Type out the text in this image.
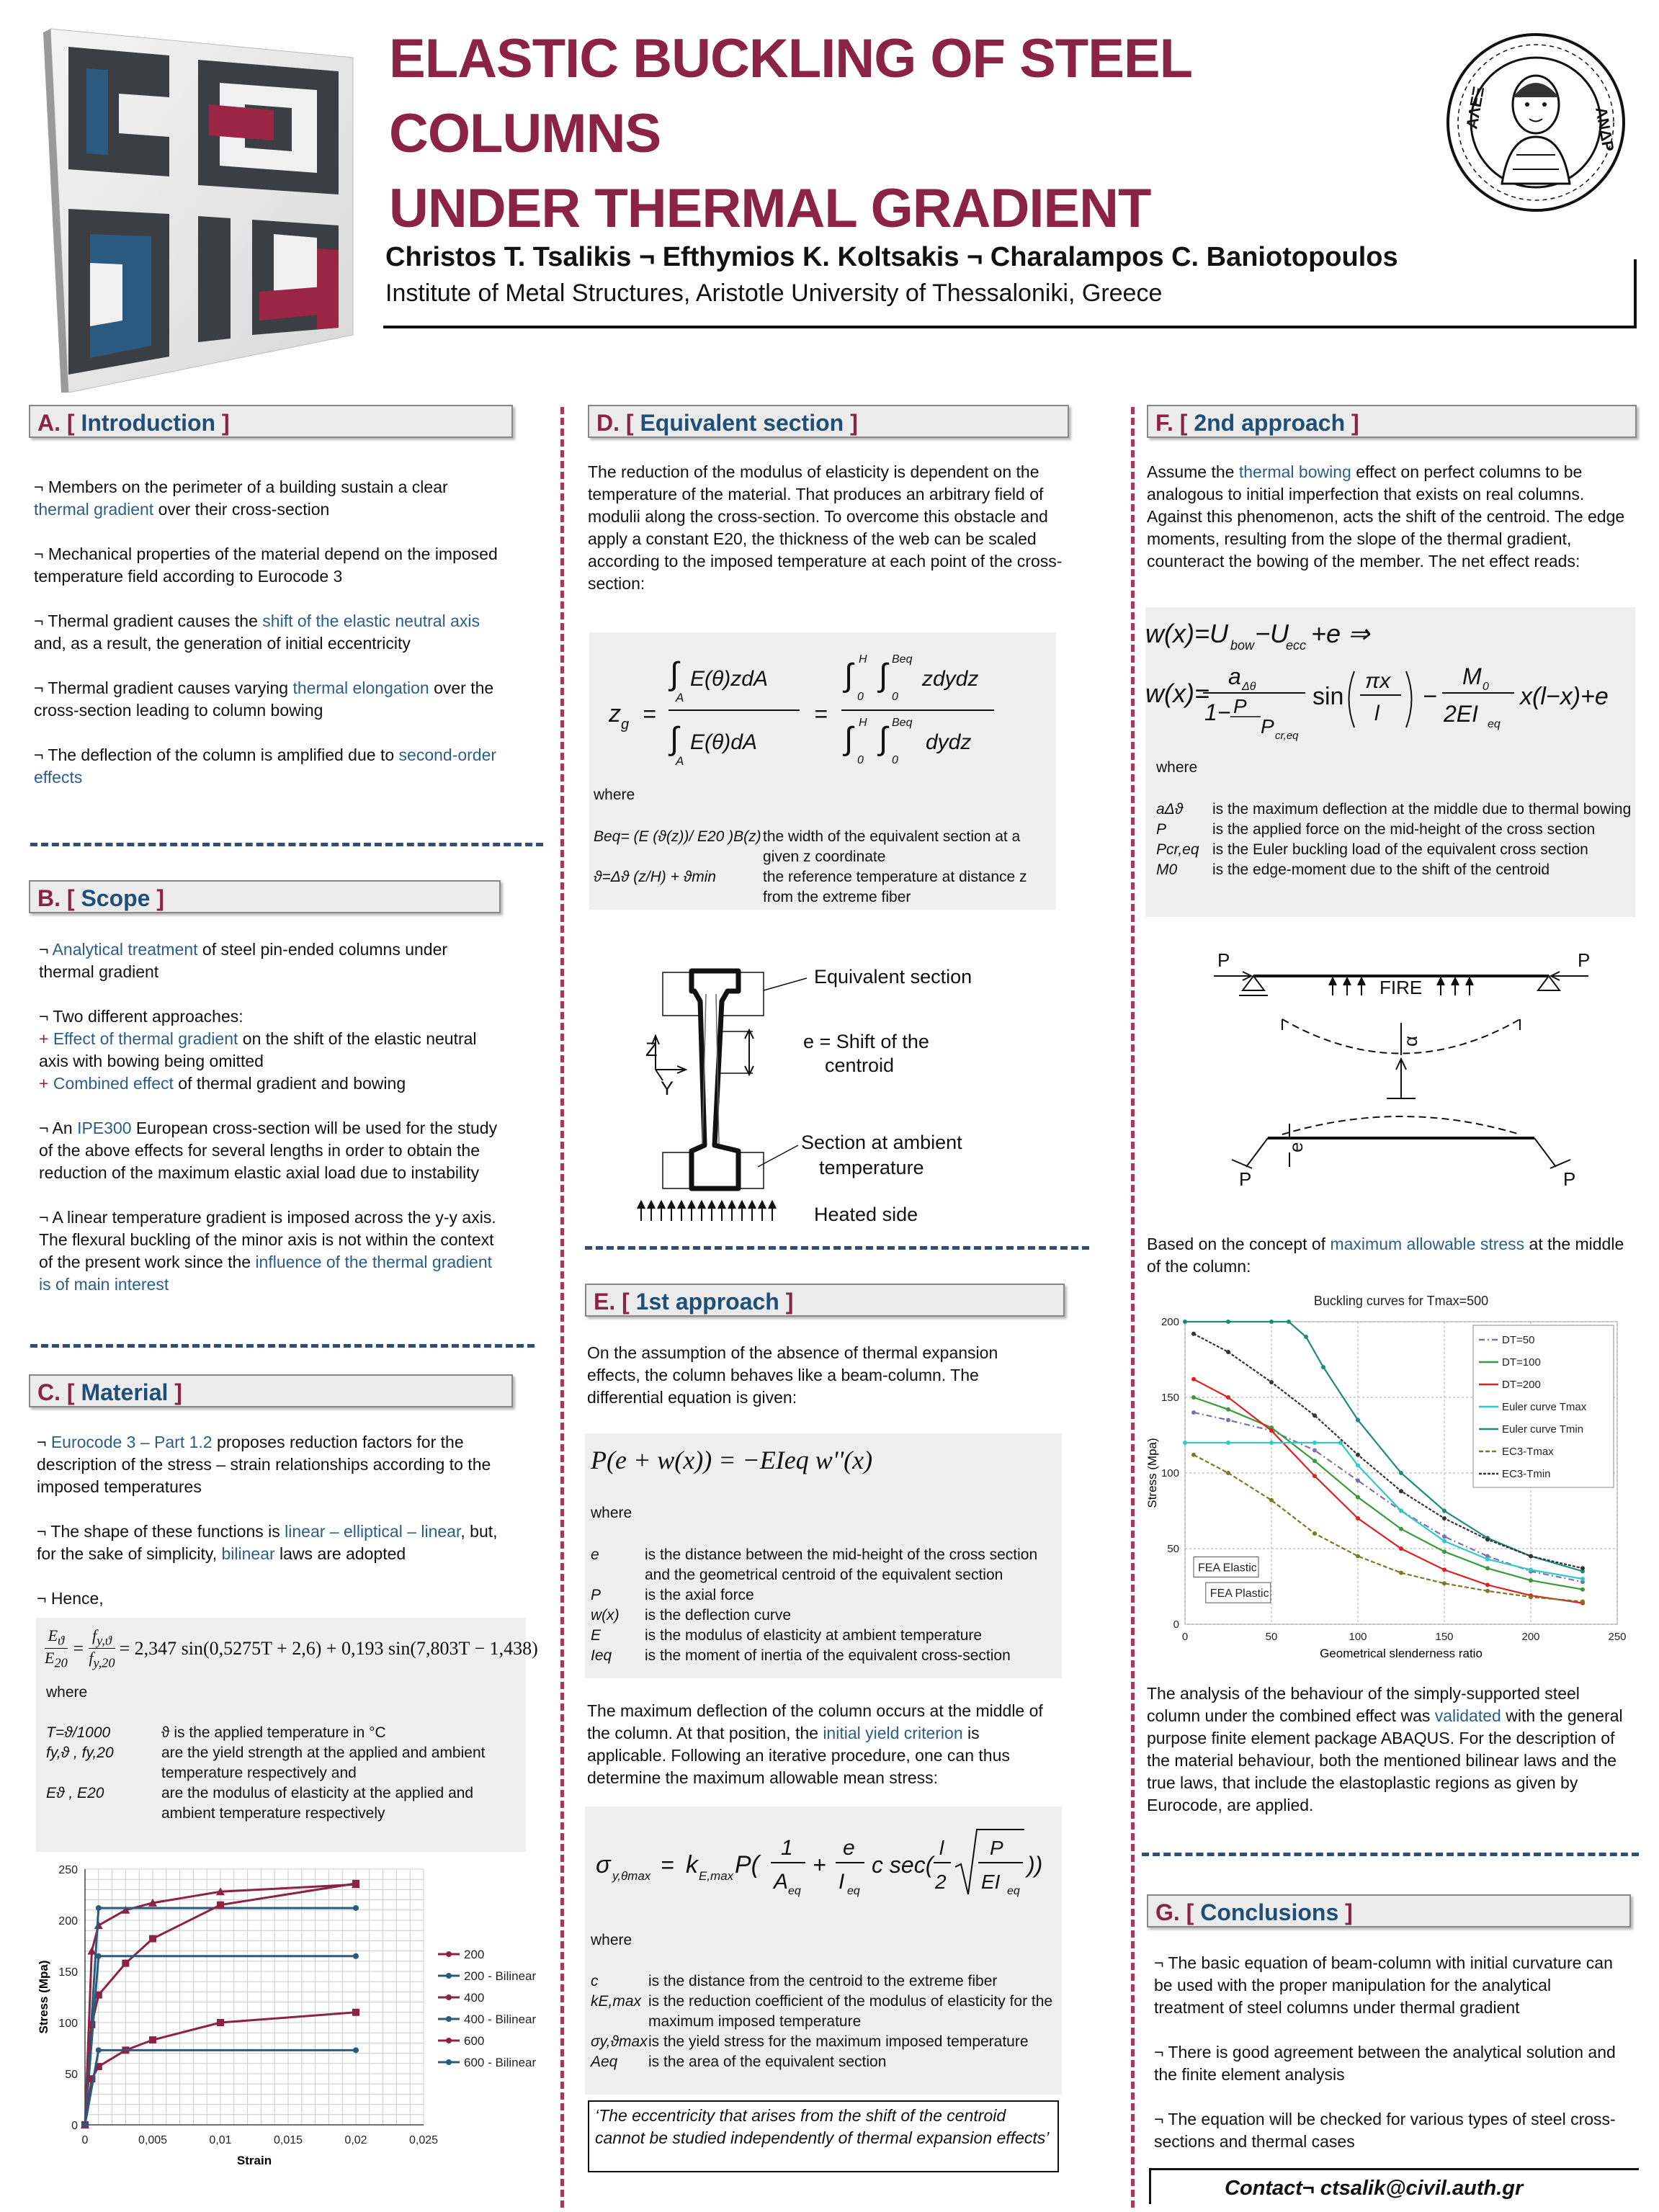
ELASTIC BUCKLING OF STEEL COLUMNS
UNDER THERMAL GRADIENT
ΑΛΕΞ	ΑΝΔΡ
Christos T. Tsalikis ¬ Efthymios K. Koltsakis ¬ Charalampos C. Baniotopoulos
Institute of Metal Structures, Aristotle University of Thessaloniki, Greece
A. [ Introduction ]

¬ Members on the perimeter of a building sustain a clear thermal gradient over their cross-section

¬ Mechanical properties of the material depend on the imposed temperature field according to Eurocode 3

¬ Thermal gradient causes the shift of the elastic neutral axis and, as a result, the generation of initial eccentricity

¬ Thermal gradient causes varying thermal elongation over the cross-section leading to column bowing

¬ The deflection of the column is amplified due to second-order effects

B. [ Scope ]

¬ Analytical treatment of steel pin-ended columns under thermal gradient

¬ Two different approaches:
+ Effect of thermal gradient on the shift of the elastic neutral axis with bowing being omitted

+ Combined effect of thermal gradient and bowing

¬ An IPE300 European cross-section will be used for the study of the above effects for several lengths in order to obtain the reduction of the maximum elastic axial load due to instability

¬ A linear temperature gradient is imposed across the y-y axis. The flexural buckling of the minor axis is not within the context of the present work since the influence of the thermal gradient is of main interest

C. [ Material ]

¬ Eurocode 3 – Part 1.2 proposes reduction factors for the description of the stress – strain relationships according to the imposed temperatures

¬ The shape of these functions is linear – elliptical – linear, but, for the sake of simplicity, bilinear laws are adopted

¬ Hence,
$\frac{E_ϑ}{E_{20}} = \frac{f_{y,ϑ}}{f_{y,20}} = 2,347$ sin(0,5275T + 2,6) + 0,193 sin(7,803T − 1,438)
where
T=ϑ/1000	ϑ is the applied temperature in °C
fy,ϑ , fy,20	are the yield strength at the applied and ambient temperature respectively and
Eϑ , E20	are the modulus of elasticity at the applied and ambient temperature respectively
0
50
100
150
200
250
0	0,005	0,01	0,015	0,02	0,025
Strain
Stress (Mpa)
200
200 - Bilinear
400
400 - Bilinear
600
600 - Bilinear
D. [ Equivalent section ]
The reduction of the modulus of elasticity is dependent on the temperature of the material. That produces an arbitrary field of modulii along the cross-section. To overcome this obstacle and apply a constant E20, the thickness of the web can be scaled according to the imposed temperature at each point of the cross-section:
z g =
∫ E(θ)zdA
A
∫ E(θ)dA
A
=
∫ H
0
∫ Beq
0
zdydz
∫ H
0
∫ Beq
0
dydz
where
Beq= (E (ϑ(z))/ E20 )B(z) the width of the equivalent section at a given z coordinate
ϑ=Δϑ (z/H) + ϑmin	the reference temperature at distance z from the extreme fiber
Equivalent section
e = Shift of the
centroid
Section at ambient
temperature
Heated side
Z
Y
E. [ 1st approach ]
On the assumption of the absence of thermal expansion effects, the column behaves like a beam-column. The differential equation is given:
P(e + w(x)) = −EIeq w''(x)
where
e	is the distance between the mid-height of the cross section and the geometrical centroid of the equivalent section
P	is the axial force
w(x)	is the deflection curve
E	is the modulus of elasticity at ambient temperature
Ieq	is the moment of inertia of the equivalent cross-section
The maximum deflection of the column occurs at the middle of the column. At that position, the initial yield criterion is applicable. Following an iterative procedure, one can thus determine the maximum allowable mean stress:
σ y,θmax = k E,max P(
1
A eq
+
e
I eq
c sec(
l
2
P
EI eq
))
where
c	is the distance from the centroid to the extreme fiber
kE,max is the reduction coefficient of the modulus of elasticity for the maximum imposed temperature
σy,ϑmax is the yield stress for the maximum imposed temperature
Aeq	is the area of the equivalent section
‘The eccentricity that arises from the shift of the centroid cannot be studied independently of thermal expansion effects’
F. [ 2nd approach ]
Assume the thermal bowing effect on perfect columns to be analogous to initial imperfection that exists on real columns. Against this phenomenon, acts the shift of the centroid. The edge moments, resulting from the slope of the thermal gradient, counteract the bowing of the member. The net effect reads:
w(x)=U bow −U
ecc +e ⇒
w(x)=
a Δθ
1− P
P cr,eq
sin
πx
l
−
M 0
2EI eq
x(l−x)+e
where
aΔϑ	is the maximum deflection at the middle due to thermal bowing
P	is the applied force on the mid-height of the cross section
Pcr,eq is the Euler buckling load of the equivalent cross section
M0	is the edge-moment due to the shift of the centroid
P	P
FIRE
α
e
P	P
Based on the concept of maximum allowable stress at the middle of the column:
Buckling curves for Tmax=500
0
50
100
150
200
0	50	100	150	200	250
Geometrical slenderness ratio
Stress (Mpa)
DT=50
DT=100
DT=200
Euler curve Tmax
Euler curve Tmin
EC3-Tmax
EC3-Tmin
FEA Elastic
FEA Plastic
The analysis of the behaviour of the simply-supported steel column under the combined effect was validated with the general purpose finite element package ABAQUS. For the description of the material behaviour, both the mentioned bilinear laws and the true laws, that include the elastoplastic regions as given by Eurocode, are applied.
G. [ Conclusions ]

¬ The basic equation of beam-column with initial curvature can be used with the proper manipulation for the analytical treatment of steel columns under thermal gradient

¬ There is good agreement between the analytical solution and the finite element analysis

¬ The equation will be checked for various types of steel cross-sections and thermal cases

Contact¬ ctsalik@civil.auth.gr
